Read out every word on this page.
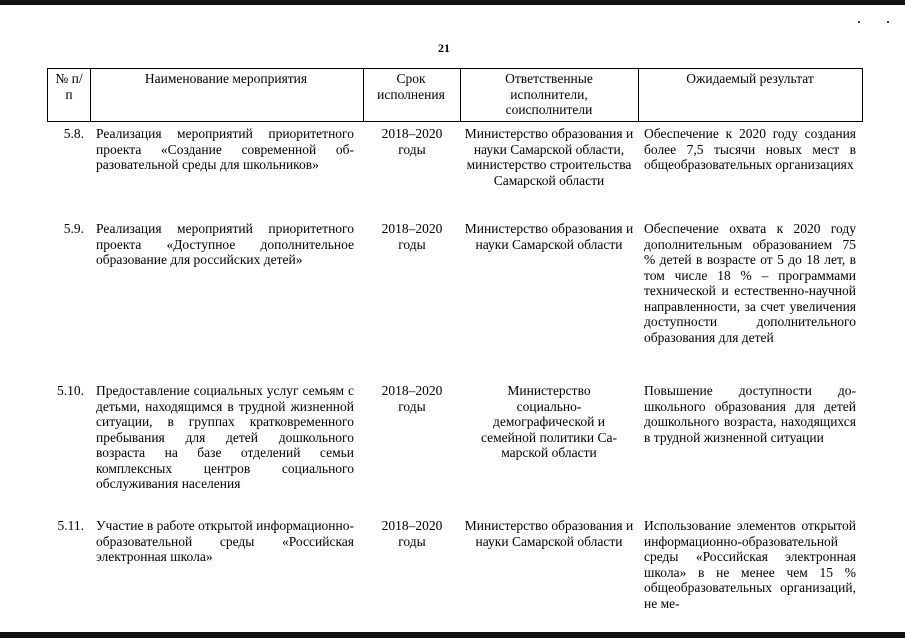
21
№ п/п
Наименование мероприятия	Срок исполнения
Ответственные исполнители, соисполнители
Ожидаемый результат
5.8. Реализация мероприятий приоритетного проекта «Создание современной образовательной среды для школьников»
2018–2020 годы
Министерство образования и науки Самарской области, министерство строительства Самарской области
Обеспечение к 2020 году создания более 7,5 тысячи новых мест в общеобразовательных организациях
5.9. Реализация мероприятий приоритетного проекта «Доступное дополнительное образование для российских детей»
2018–2020 годы
Министерство образования и науки Самарской области
Обеспечение охвата к 2020 году дополнительным образованием 75 % детей в возрасте от 5 до 18 лет, в том числе 18 % – программами технической и естественно-научной направленности, за счет увеличения доступности дополнительного образования для детей
5.10. Предоставление социальных услуг семьям с детьми, находящимся в трудной жизненной ситуации, в группах кратковременного пребывания для детей дошкольного возраста на базе отделений семьи комплексных центров социального обслуживания населения
2018–2020 годы
Министерство социально-демографической и семейной политики Самарской области
Повышение доступности дошкольного образования для детей дошкольного возраста, находящихся в трудной жизненной ситуации
5.11. Участие в работе открытой информационно-образовательной среды «Российская электронная школа»
2018–2020 годы
Министерство образования и науки Самарской области
Использование элементов открытой информационно-образовательной среды «Российская электронная школа» в не менее чем 15 % общеобразовательных организаций, не ме-
